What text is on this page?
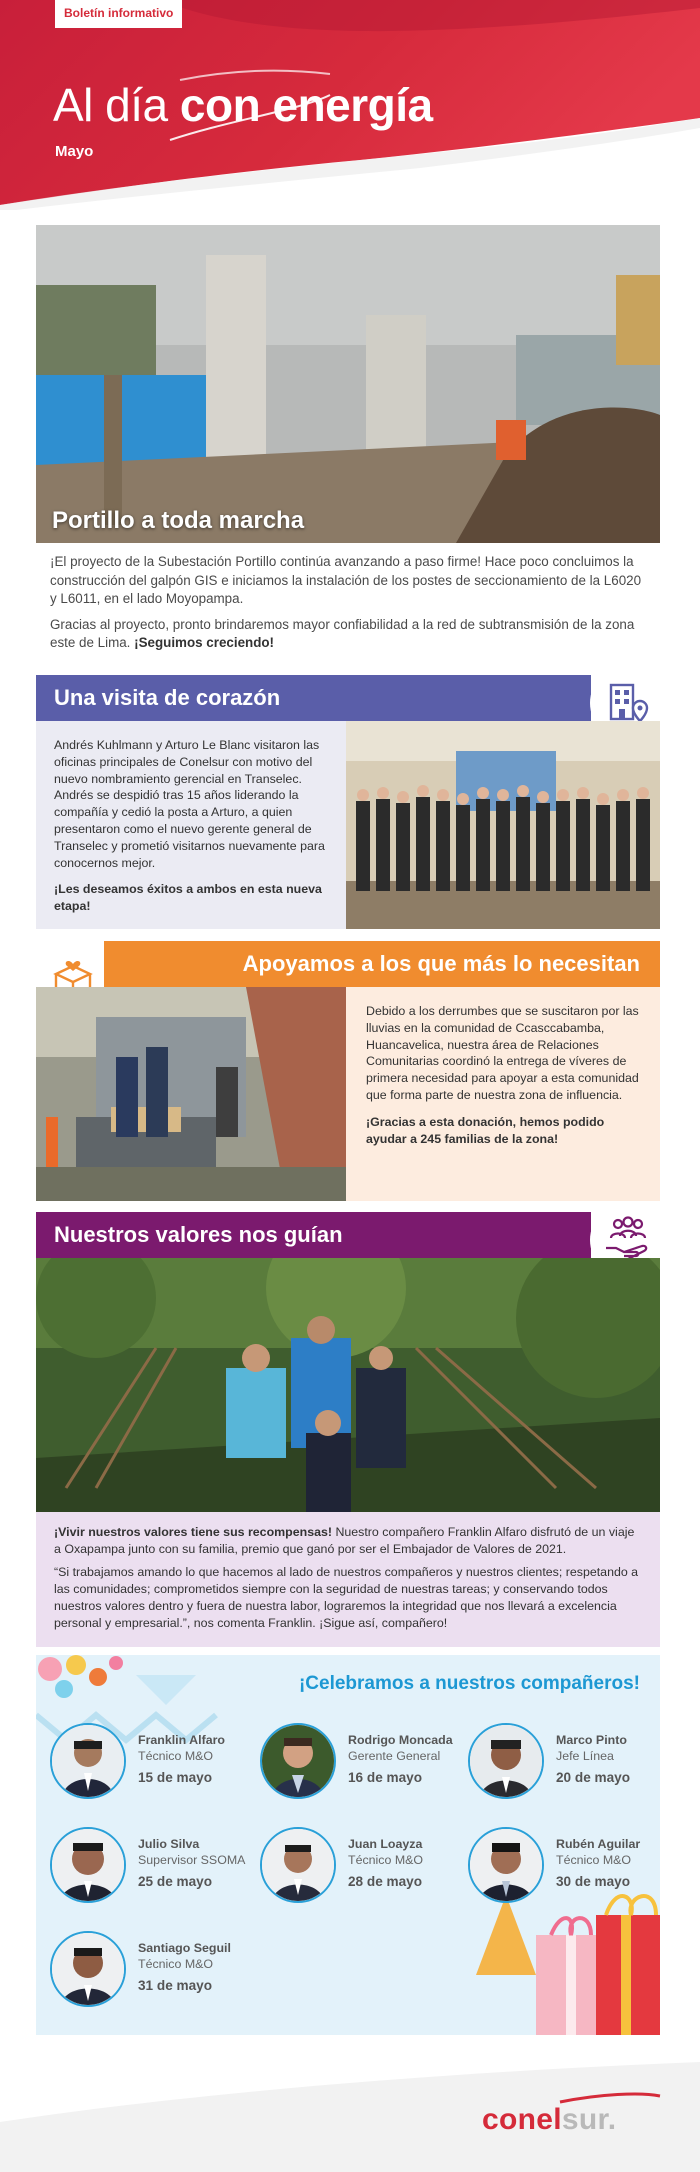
Boletín informativo
Al día con energía
Mayo
Portillo a toda marcha

¡El proyecto de la Subestación Portillo continúa avanzando a paso firme! Hace poco concluimos la construcción del galpón GIS e iniciamos la instalación de los postes de seccionamiento de la L6020 y L6011, en el lado Moyopampa.

Gracias al proyecto, pronto brindaremos mayor confiabilidad a la red de subtransmisión de la zona este de Lima. ¡Seguimos creciendo!

Una visita de corazón

Andrés Kuhlmann y Arturo Le Blanc visitaron las oficinas principales de Conelsur con motivo del nuevo nombramiento gerencial en Transelec. Andrés se despidió tras 15 años liderando la compañía y cedió la posta a Arturo, a quien presentaron como el nuevo gerente general de Transelec y prometió visitarnos nuevamente para conocernos mejor.

¡Les deseamos éxitos a ambos en esta nueva etapa!

Apoyamos a los que más lo necesitan

Debido a los derrumbes que se suscitaron por las lluvias en la comunidad de Ccasccabamba, Huancavelica, nuestra área de Relaciones Comunitarias coordinó la entrega de víveres de primera necesidad para apoyar a esta comunidad que forma parte de nuestra zona de influencia.

¡Gracias a esta donación, hemos podido ayudar a 245 familias de la zona!

Nuestros valores nos guían

¡Vivir nuestros valores tiene sus recompensas! Nuestro compañero Franklin Alfaro disfrutó de un viaje a Oxapampa junto con su familia, premio que ganó por ser el Embajador de Valores de 2021.

“Si trabajamos amando lo que hacemos al lado de nuestros compañeros y nuestros clientes; respetando a las comunidades; comprometidos siempre con la seguridad de nuestras tareas; y conservando todos nuestros valores dentro y fuera de nuestra labor, lograremos la integridad que nos llevará a excelencia personal y empresarial.”, nos comenta Franklin. ¡Sigue así, compañero!

¡Celebramos a nuestros compañeros!
Franklin Alfaro
Técnico M&O
15 de mayo
Rodrigo Moncada
Gerente General
16 de mayo
Marco Pinto
Jefe Línea
20 de mayo
Julio Silva
Supervisor SSOMA
25 de mayo
Juan Loayza
Técnico M&O
28 de mayo
Rubén Aguilar
Técnico M&O
30 de mayo
Santiago Seguil
Técnico M&O
31 de mayo
conelsur.
